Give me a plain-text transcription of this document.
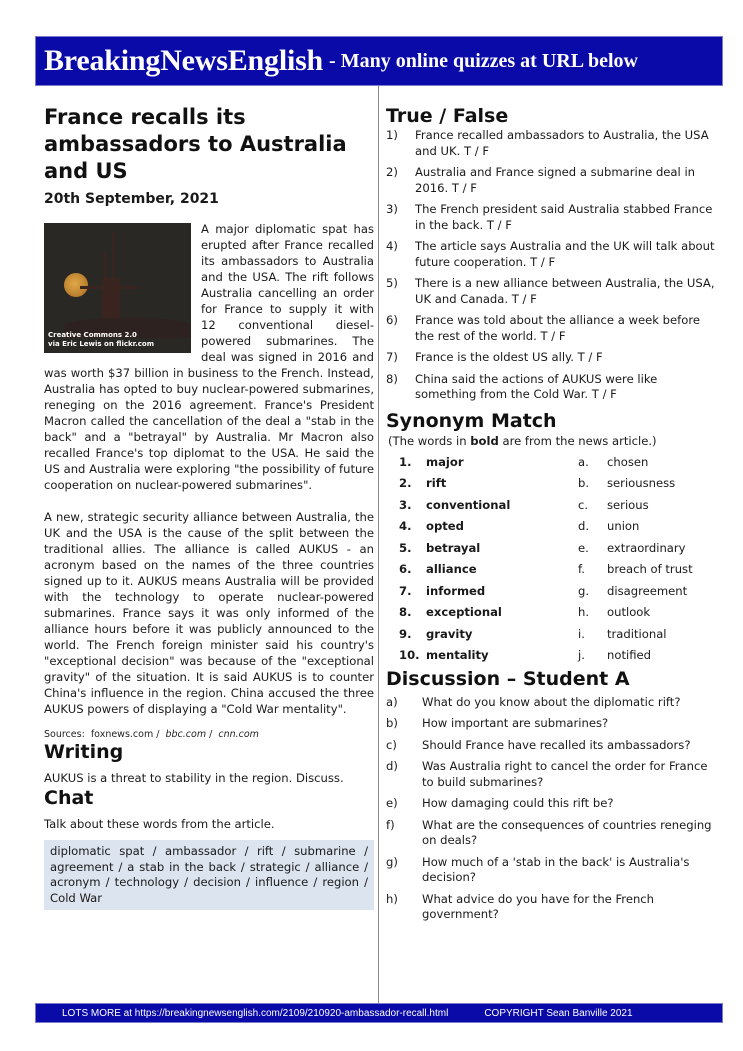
BreakingNewsEnglish - Many online quizzes at URL below
France recalls its ambassadors to Australia and US
20th September, 2021
Creative Commons 2.0
via Eric Lewis on flickr.com
A major diplomatic spat has erupted after France recalled its ambassadors to Australia and the USA. The rift follows Australia cancelling an order for France to supply it with 12 conventional diesel-powered submarines. The deal was signed in 2016 and was worth $37 billion in business to the French. Instead, Australia has opted to buy nuclear-powered submarines, reneging on the 2016 agreement. France's President Macron called the cancellation of the deal a "stab in the back" and a "betrayal" by Australia. Mr Macron also recalled France's top diplomat to the USA. He said the US and Australia were exploring "the possibility of future cooperation on nuclear-powered submarines".
A new, strategic security alliance between Australia, the UK and the USA is the cause of the split between the traditional allies. The alliance is called AUKUS - an acronym based on the names of the three countries signed up to it. AUKUS means Australia will be provided with the technology to operate nuclear-powered submarines. France says it was only informed of the alliance hours before it was publicly announced to the world. The French foreign minister said his country's "exceptional decision" was because of the "exceptional gravity" of the situation. It is said AUKUS is to counter China's influence in the region. China accused the three AUKUS powers of displaying a "Cold War mentality".
Sources: foxnews.com /  bbc.com /  cnn.com
Writing
AUKUS is a threat to stability in the region. Discuss.
Chat
Talk about these words from the article.
diplomatic spat / ambassador / rift / submarine / agreement / a stab in the back / strategic / alliance / acronym / technology / decision / influence / region / Cold War
True / False
1)	France recalled ambassadors to Australia, the USA and UK. T / F
2)	Australia and France signed a submarine deal in 2016. T / F
3)	The French president said Australia stabbed France in the back. T / F
4)	The article says Australia and the UK will talk about future cooperation. T / F
5)	There is a new alliance between Australia, the USA, UK and Canada. T / F
6)	France was told about the alliance a week before the rest of the world. T / F
7)	France is the oldest US ally. T / F
8)	China said the actions of AUKUS were like something from the Cold War. T / F
Synonym Match
(The words in bold are from the news article.)
1.	major	a.	chosen
2.	rift	b.	seriousness
3.	conventional	c.	serious
4.	opted	d.	union
5.	betrayal	e.	extraordinary
6.	alliance	f.	breach of trust
7.	informed	g.	disagreement
8.	exceptional	h.	outlook
9.	gravity	i.	traditional
10. mentality	j.	notified
Discussion – Student A
a)	What do you know about the diplomatic rift?
b)	How important are submarines?
c)	Should France have recalled its ambassadors?
d)	Was Australia right to cancel the order for France to build submarines?
e)	How damaging could this rift be?
f)	What are the consequences of countries reneging on deals?
g)	How much of a 'stab in the back' is Australia's decision?
h)	What advice do you have for the French government?
LOTS MORE at https://breakingnewsenglish.com/2109/210920-ambassador-recall.html	COPYRIGHT Sean Banville 2021
